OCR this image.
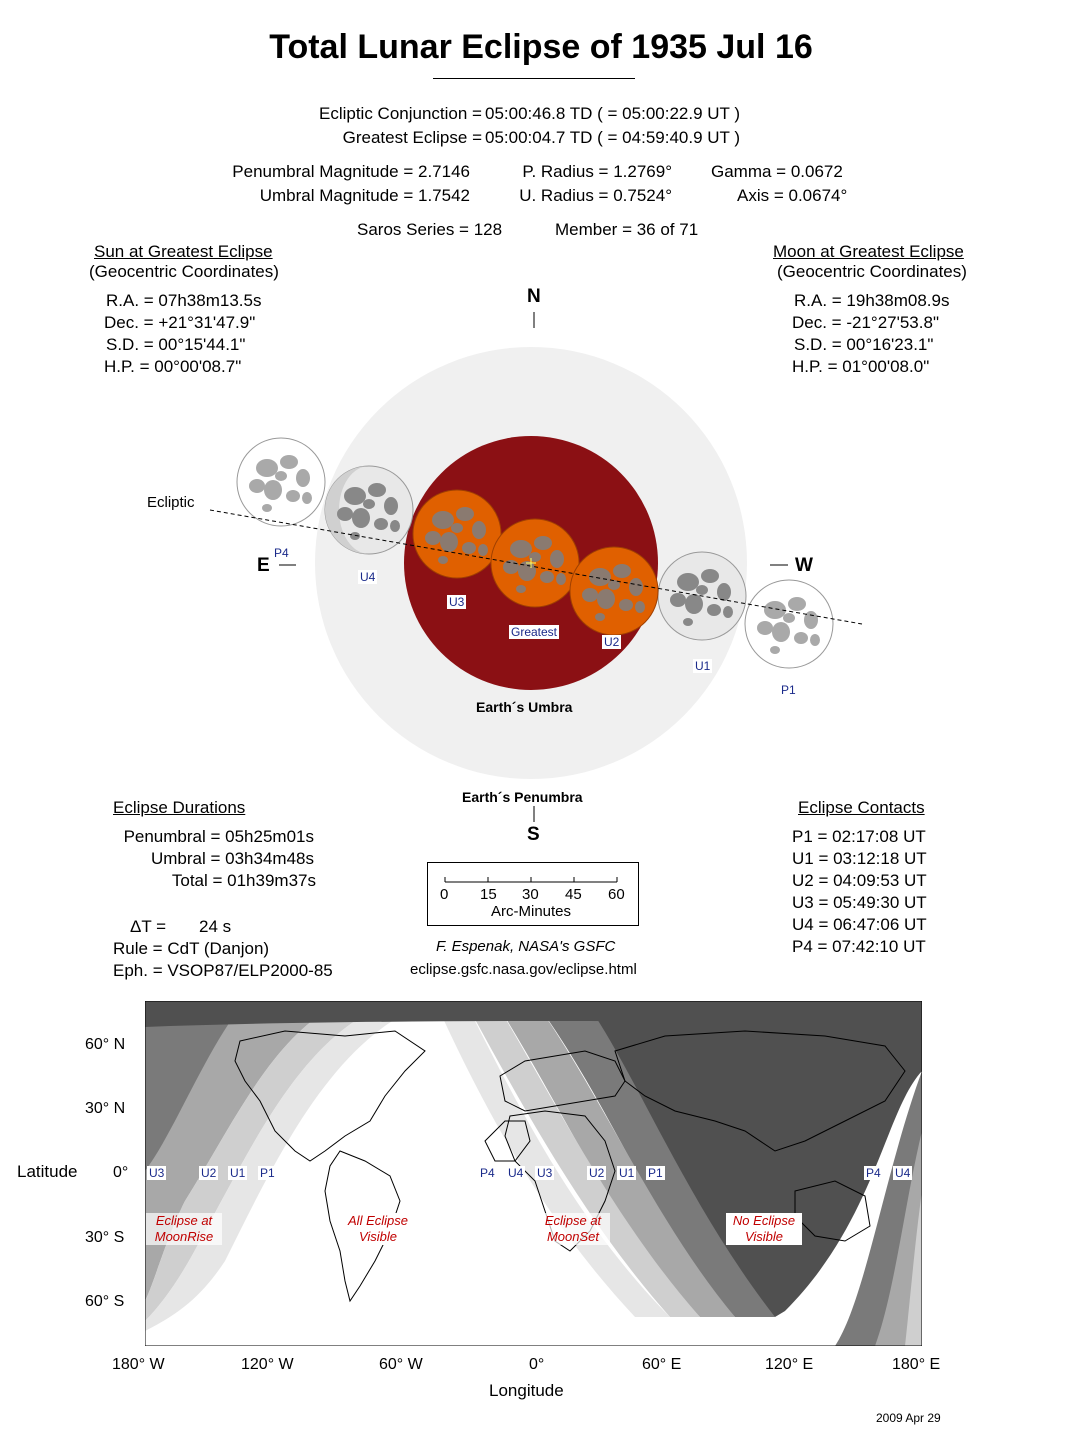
Total Lunar Eclipse of 1935 Jul 16
Ecliptic Conjunction = 05:00:46.8 TD ( = 05:00:22.9 UT )
Greatest Eclipse = 05:00:04.7 TD ( = 04:59:40.9 UT )
Penumbral Magnitude = 2.7146
Umbral Magnitude = 1.7542
P. Radius = 1.2769°
U. Radius = 0.7524°
Gamma = 0.0672
Axis = 0.0674°
Saros Series = 128	Member = 36 of 71
Sun at Greatest Eclipse
(Geocentric Coordinates)
R.A. = 07h38m13.5s
Dec. = +21°31'47.9"
S.D. = 00°15'44.1"
H.P. = 00°00'08.7"
Moon at Greatest Eclipse
(Geocentric Coordinates)
R.A. = 19h38m08.9s
Dec. = -21°27'53.8"
S.D. = 00°16'23.1"
H.P. = 01°00'08.0"
N
S
E	W
Ecliptic
Earth´s Umbra
Earth´s Penumbra
P4
U4
U3
Greatest
U2
U1
P1
Eclipse Durations
Penumbral = 05h25m01s
Umbral = 03h34m48s
Total = 01h39m37s
ΔT = 24 s
Rule = CdT (Danjon)
Eph. = VSOP87/ELP2000-85
Eclipse Contacts
P1 = 02:17:08 UT
U1 = 03:12:18 UT
U2 = 04:09:53 UT
U3 = 05:49:30 UT
U4 = 06:47:06 UT
P4 = 07:42:10 UT
0 15 30 45 60
Arc-Minutes
F. Espenak, NASA's GSFC
eclipse.gsfc.nasa.gov/eclipse.html
Latitude
Longitude
60° N
30° N
0°
30° S
60° S
180° W	120° W	60° W	0°	60° E	120° E	180° E
U3	U2 U1 P1	P4 U4 U3	U2 U1 P1	P4 U4
Eclipse at
MoonRise
All Eclipse
Visible
Eclipse at
MoonSet
No Eclipse
Visible
2009 Apr 29
